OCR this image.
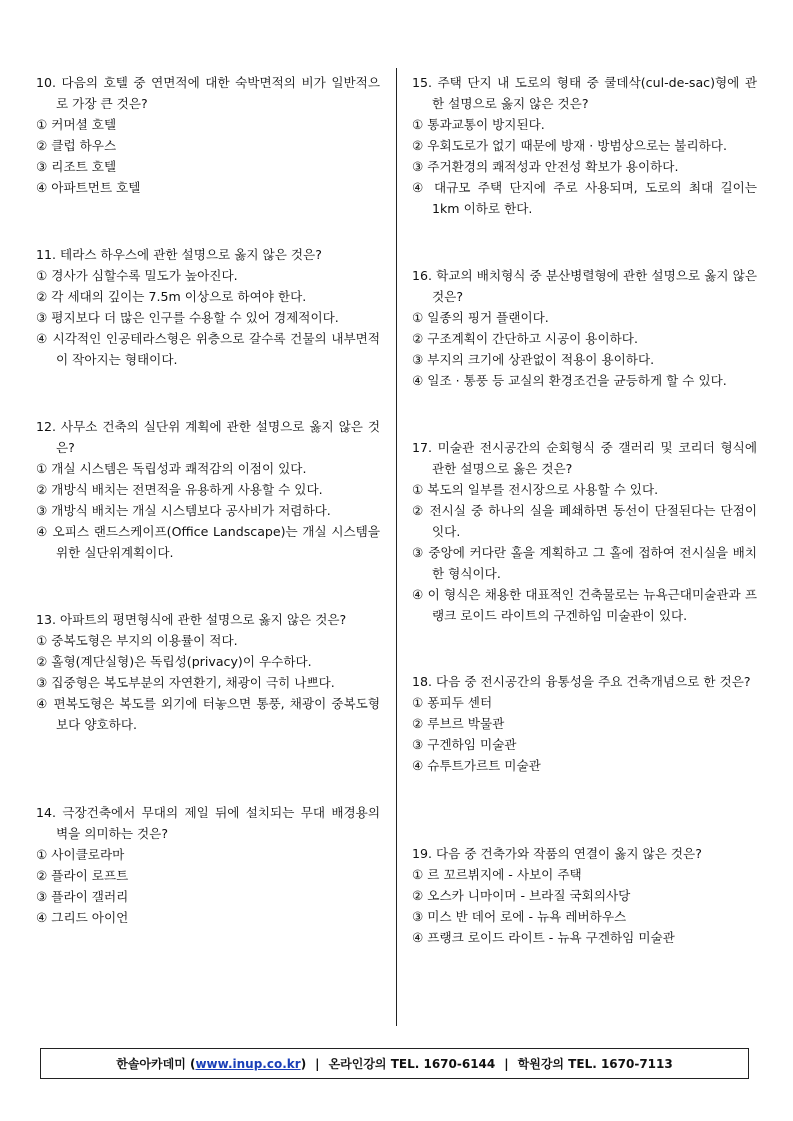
10. 다음의 호텔 중 연면적에 대한 숙박면적의 비가 일반적으로 가장 큰 것은?
① 커머셜 호텔
② 클럽 하우스
③ 리조트 호텔
④ 아파트먼트 호텔
11. 테라스 하우스에 관한 설명으로 옳지 않은 것은?
① 경사가 심할수록 밀도가 높아진다.
② 각 세대의 깊이는 7.5m 이상으로 하여야 한다.
③ 평지보다 더 많은 인구를 수용할 수 있어 경제적이다.
④ 시각적인 인공테라스형은 위층으로 갈수록 건물의 내부면적이 작아지는 형태이다.
12. 사무소 건축의 실단위 계획에 관한 설명으로 옳지 않은 것은?
① 개실 시스템은 독립성과 쾌적감의 이점이 있다.
② 개방식 배치는 전면적을 유용하게 사용할 수 있다.
③ 개방식 배치는 개실 시스템보다 공사비가 저렴하다.
④ 오피스 랜드스케이프(Office Landscape)는 개실 시스템을 위한 실단위계획이다.
13. 아파트의 평면형식에 관한 설명으로 옳지 않은 것은?
① 중복도형은 부지의 이용률이 적다.
② 홀형(계단실형)은 독립성(privacy)이 우수하다.
③ 집중형은 복도부분의 자연환기, 채광이 극히 나쁘다.
④ 편복도형은 복도를 외기에 터놓으면 통풍, 채광이 중복도형보다 양호하다.
14. 극장건축에서 무대의 제일 뒤에 설치되는 무대 배경용의 벽을 의미하는 것은?
① 사이클로라마
② 플라이 로프트
③ 플라이 갤러리
④ 그리드 아이언
15. 주택 단지 내 도로의 형태 중 쿨데삭(cul-de-sac)형에 관한 설명으로 옳지 않은 것은?
① 통과교통이 방지된다.
② 우회도로가 없기 때문에 방재 · 방범상으로는 불리하다.
③ 주거환경의 쾌적성과 안전성 확보가 용이하다.
④ 대규모 주택 단지에 주로 사용되며, 도로의 최대 길이는 1km 이하로 한다.
16. 학교의 배치형식 중 분산병렬형에 관한 설명으로 옳지 않은 것은?
① 일종의 핑거 플랜이다.
② 구조계획이 간단하고 시공이 용이하다.
③ 부지의 크기에 상관없이 적용이 용이하다.
④ 일조 · 통풍 등 교실의 환경조건을 균등하게 할 수 있다.
17. 미술관 전시공간의 순회형식 중 갤러리 및 코리더 형식에 관한 설명으로 옳은 것은?
① 복도의 일부를 전시장으로 사용할 수 있다.
② 전시실 중 하나의 실을 폐쇄하면 동선이 단절된다는 단점이 잇다.
③ 중앙에 커다란 홀을 계획하고 그 홀에 접하여 전시실을 배치한 형식이다.
④ 이 형식은 채용한 대표적인 건축물로는 뉴욕근대미술관과 프랭크 로이드 라이트의 구겐하임 미술관이 있다.
18. 다음 중 전시공간의 융통성을 주요 건축개념으로 한 것은?
① 퐁피두 센터
② 루브르 박물관
③ 구겐하임 미술관
④ 슈투트가르트 미술관
19. 다음 중 건축가와 작품의 연결이 옳지 않은 것은?
① 르 꼬르뷔지에 - 사보이 주택
② 오스카 니마이머 - 브라질 국회의사당
③ 미스 반 데어 로에 - 뉴욕 레버하우스
④ 프랭크 로이드 라이트 - 뉴욕 구겐하임 미술관
한솔아카데미 ( www.inup.co.kr ) | 온라인강의 TEL. 1670-6144 | 학원강의 TEL. 1670-7113
